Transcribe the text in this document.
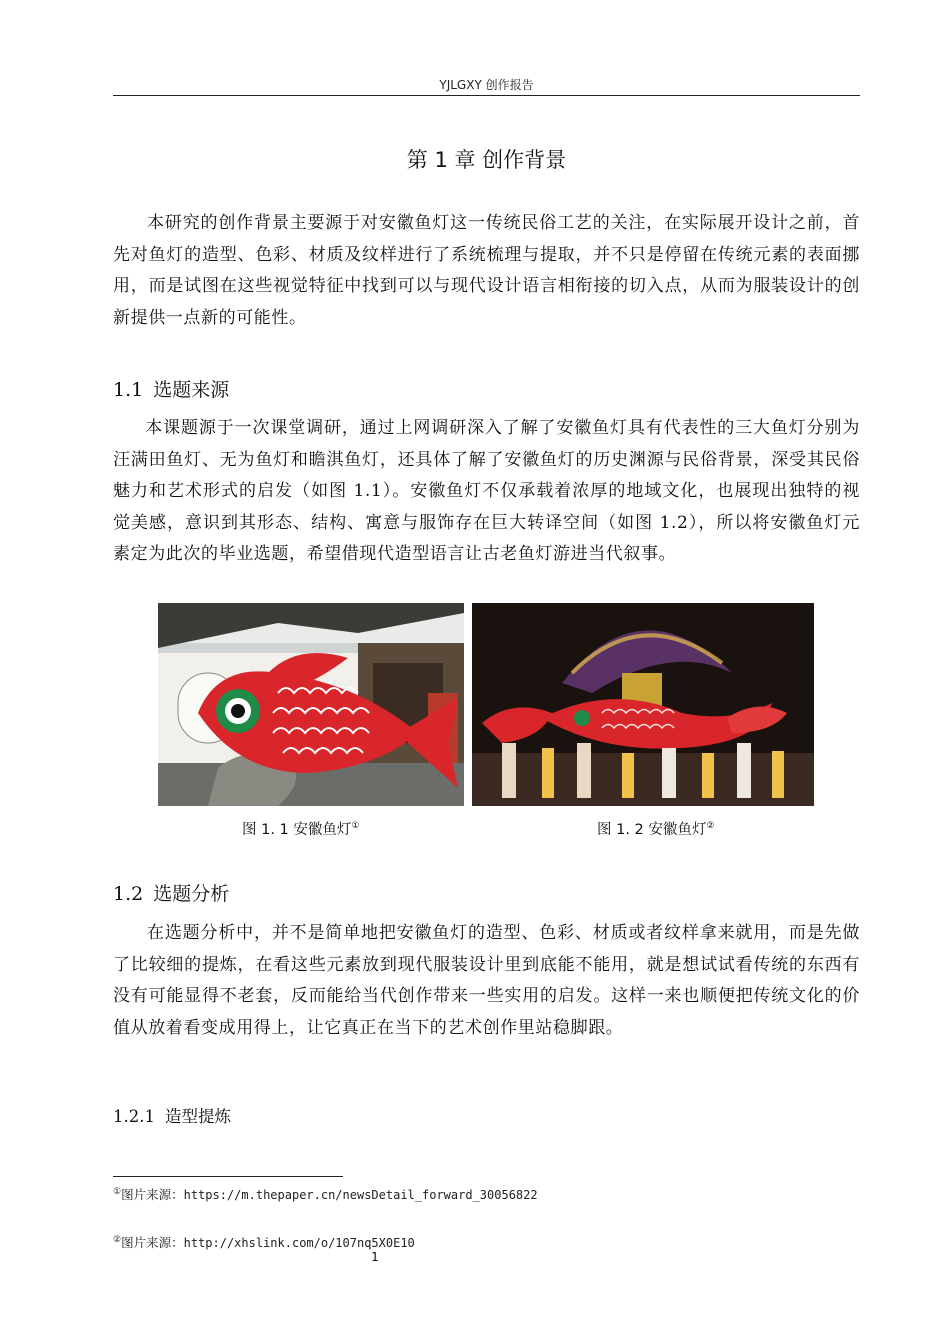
YJLGXY 创作报告
第 1 章 创作背景

本研究的创作背景主要源于对安徽鱼灯这一传统民俗工艺的关注，在实际展开设计之前，首先对鱼灯的造型、色彩、材质及纹样进行了系统梳理与提取，并不只是停留在传统元素的表面挪用，而是试图在这些视觉特征中找到可以与现代设计语言相衔接的切入点，从而为服装设计的创新提供一点新的可能性。

1.1 选题来源

本课题源于一次课堂调研，通过上网调研深入了解了安徽鱼灯具有代表性的三大鱼灯分别为汪满田鱼灯、无为鱼灯和瞻淇鱼灯，还具体了解了安徽鱼灯的历史渊源与民俗背景，深受其民俗魅力和艺术形式的启发（如图 1.1）。安徽鱼灯不仅承载着浓厚的地域文化，也展现出独特的视觉美感，意识到其形态、结构、寓意与服饰存在巨大转译空间（如图 1.2），所以将安徽鱼灯元素定为此次的毕业选题，希望借现代造型语言让古老鱼灯游进当代叙事。

图 1. 1 安徽鱼灯①	图 1. 2 安徽鱼灯②
1.2 选题分析

在选题分析中，并不是简单地把安徽鱼灯的造型、色彩、材质或者纹样拿来就用，而是先做了比较细的提炼，在看这些元素放到现代服装设计里到底能不能用，就是想试试看传统的东西有没有可能显得不老套，反而能给当代创作带来一些实用的启发。这样一来也顺便把传统文化的价值从放着看变成用得上，让它真正在当下的艺术创作里站稳脚跟。

1.2.1 造型提炼
①图片来源：https://m.thepaper.cn/newsDetail_forward_30056822
②图片来源：http://xhslink.com/o/107nq5X0E10
1
